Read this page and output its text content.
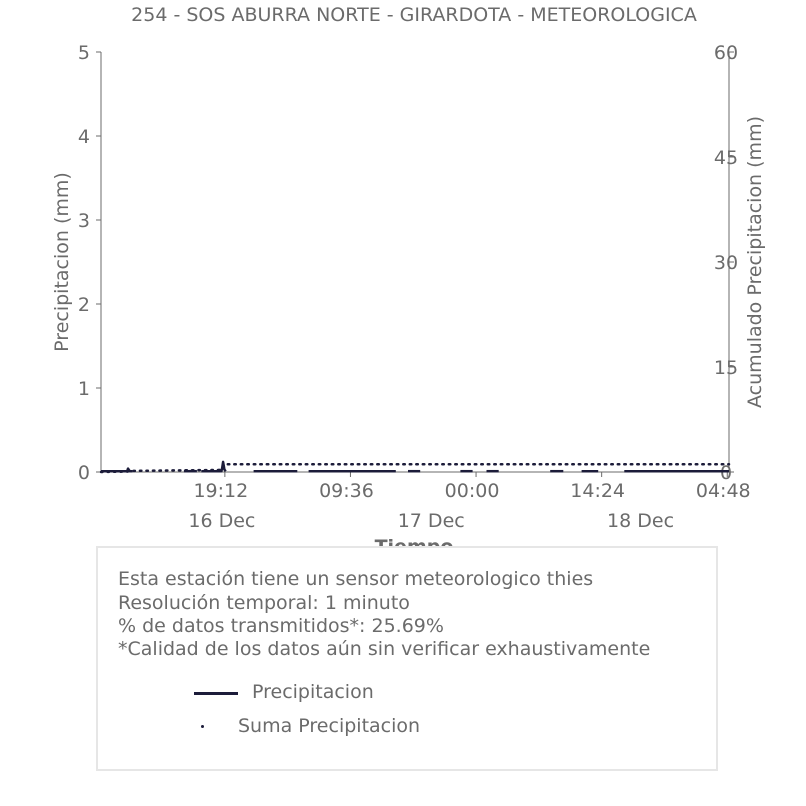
254 - SOS ABURRA NORTE - GIRARDOTA - METEOROLOGICA
0
1
2
3
4
5
0
15
30
45
60
19:12	09:36	00:00	14:24	04:48
16 Dec	17 Dec	18 Dec
Precipitacion (mm)	Acumulado Precipitacion (mm)
Esta estación tiene un sensor meteorologico thies
Resolución temporal: 1 minuto
% de datos transmitidos*: 25.69%
*Calidad de los datos aún sin verificar exhaustivamente
Precipitacion
Suma Precipitacion
